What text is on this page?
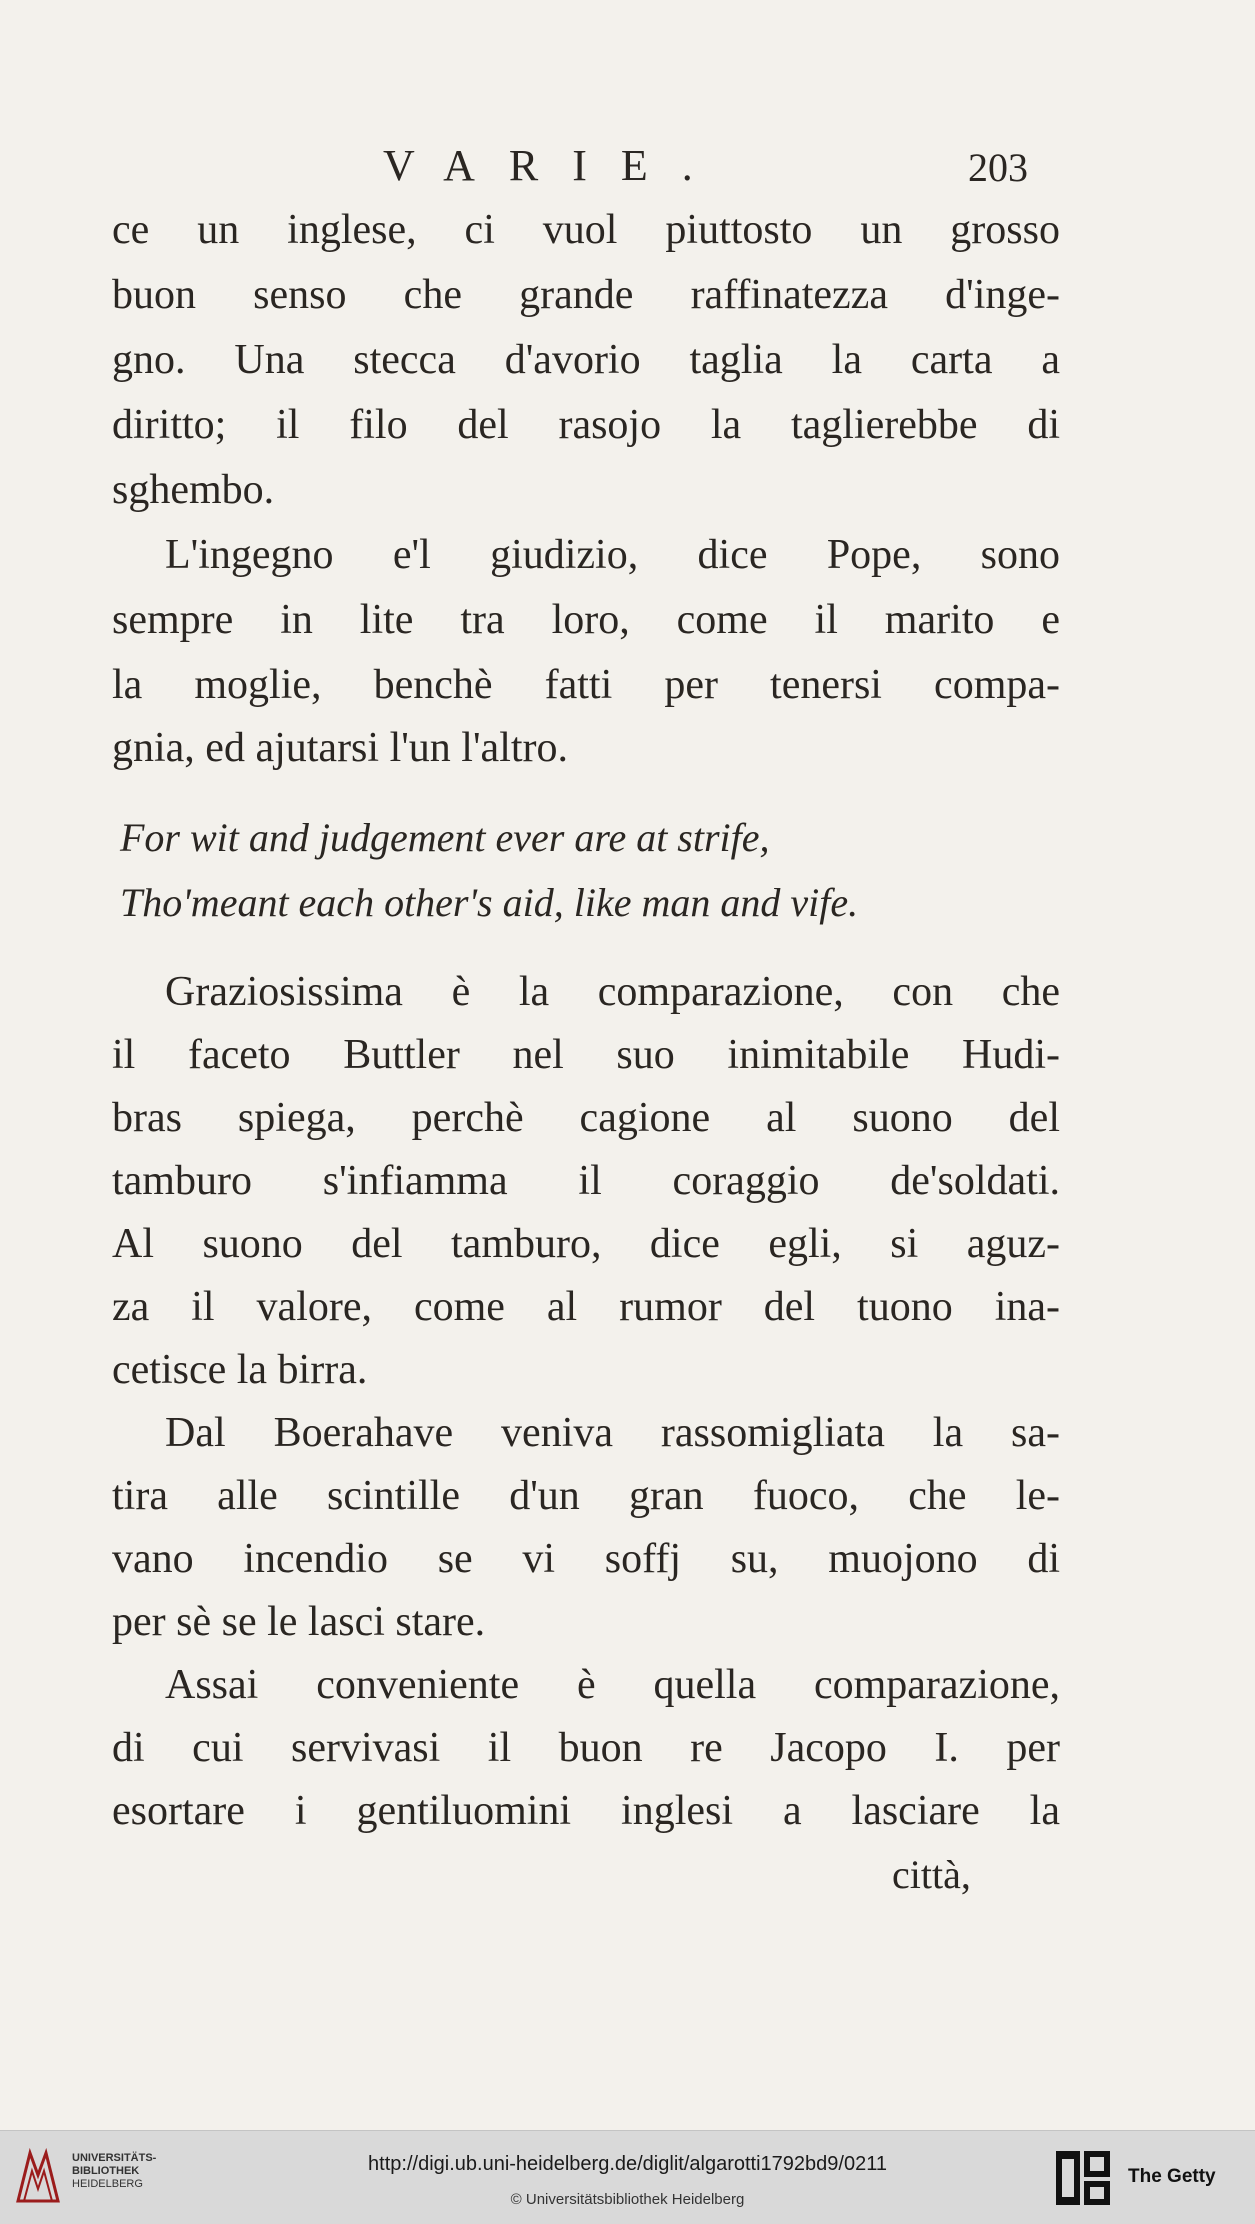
VARIE.	203
ce un inglese, ci vuol piuttosto un grosso
buon senso che grande raffinatezza d'inge-
gno. Una stecca d'avorio taglia la carta a
diritto; il filo del rasojo la taglierebbe di
sghembo.
L'ingegno e'l giudizio, dice Pope, sono
sempre in lite tra loro, come il marito e
la moglie, benchè fatti per tenersi compa-
gnia, ed ajutarsi l'un l'altro.
For wit and judgement ever are at strife,
Tho'meant each other's aid, like man and vife.
Graziosissima è la comparazione, con che
il faceto Buttler nel suo inimitabile Hudi-
bras spiega, perchè cagione al suono del
tamburo s'infiamma il coraggio de'soldati.
Al suono del tamburo, dice egli, si aguz-
za il valore, come al rumor del tuono ina-
cetisce la birra.
Dal Boerahave veniva rassomigliata la sa-
tira alle scintille d'un gran fuoco, che le-
vano incendio se vi soffj su, muojono di
per sè se le lasci stare.
Assai conveniente è quella comparazione,
di cui servivasi il buon re Jacopo I. per
esortare i gentiluomini inglesi a lasciare la
città,
UNIVERSITÄTS-
BIBLIOTHEK
HEIDELBERG
http://digi.ub.uni-heidelberg.de/diglit/algarotti1792bd9/0211
© Universitätsbibliothek Heidelberg
The Getty
